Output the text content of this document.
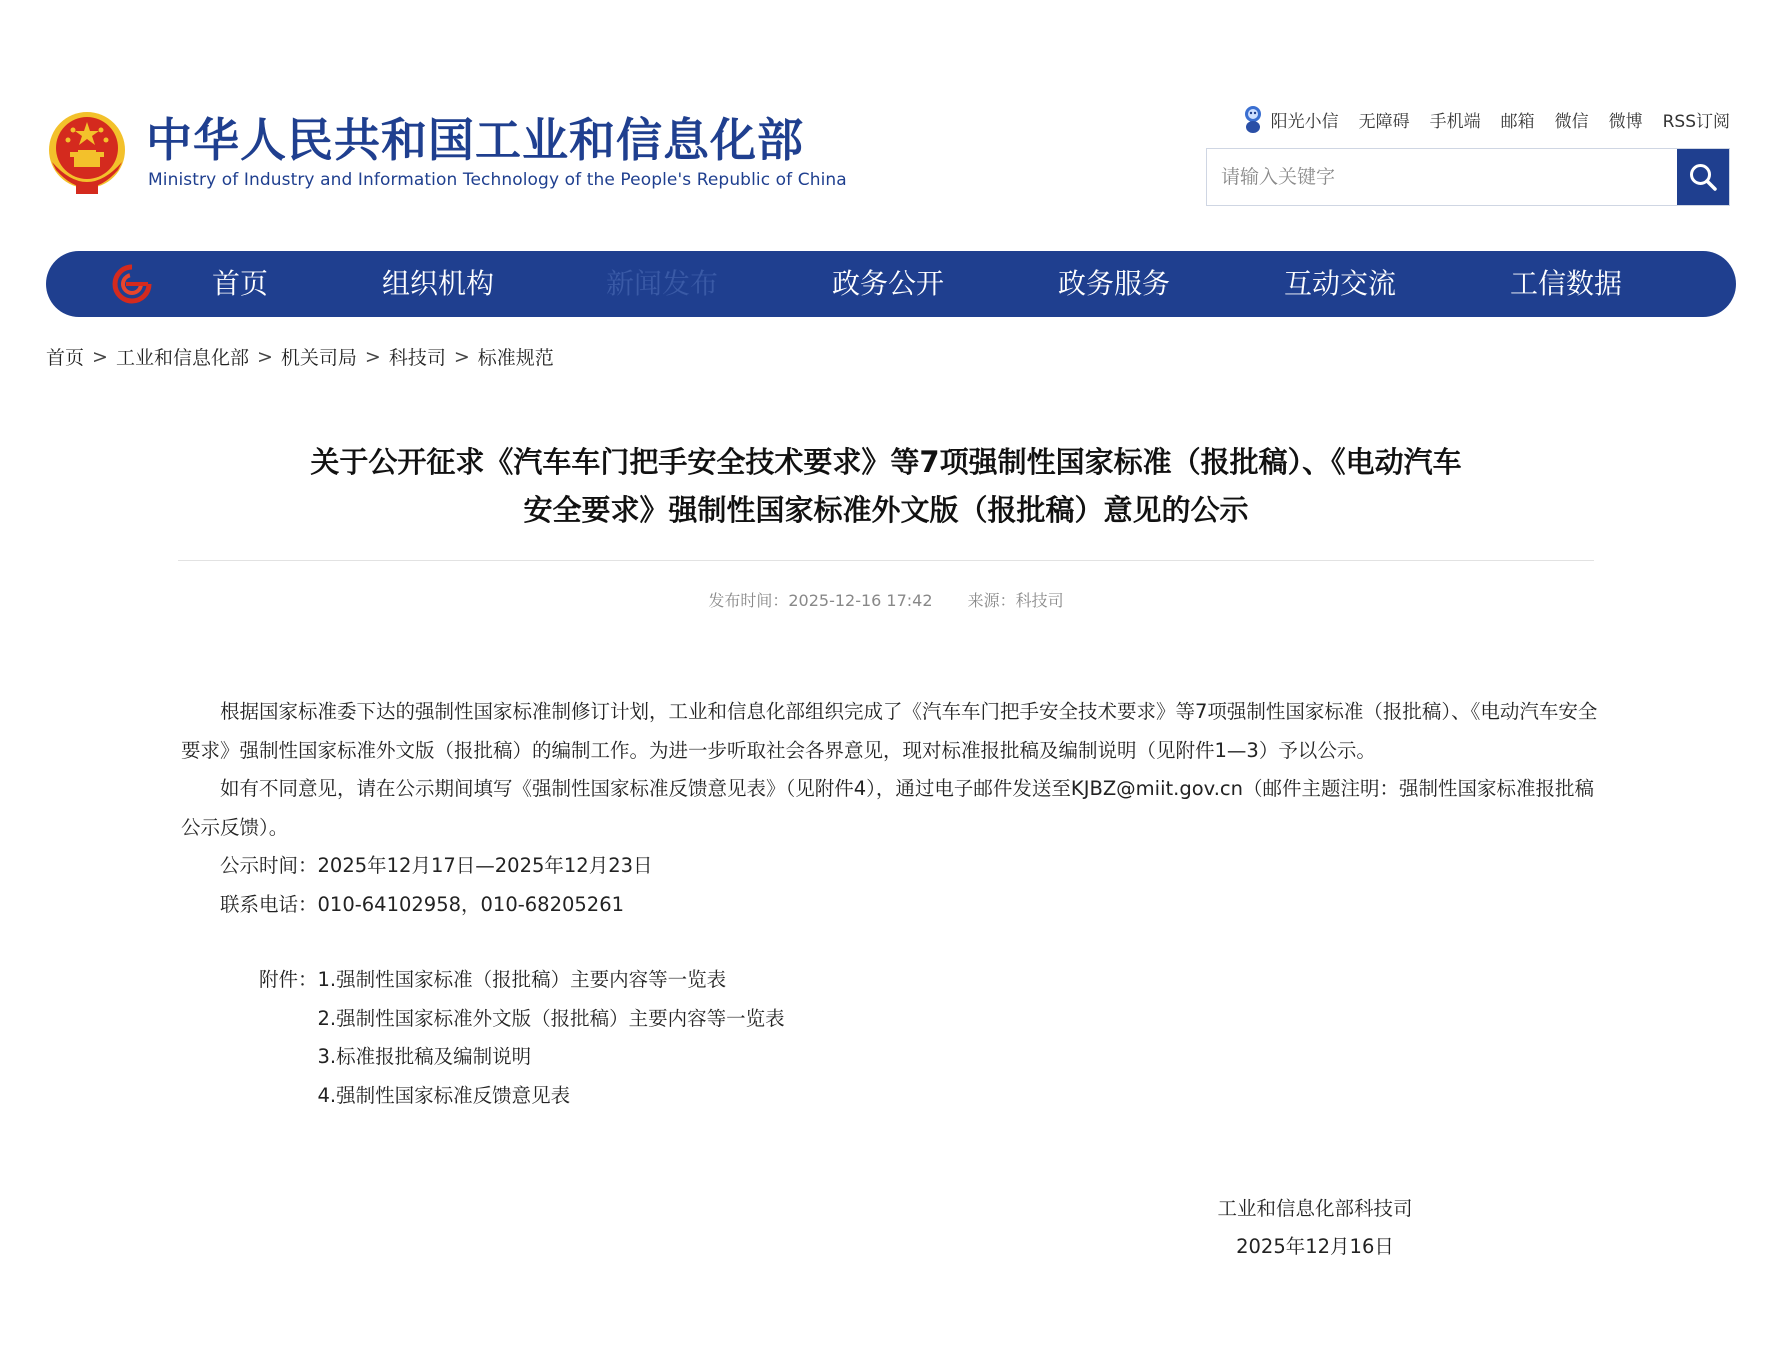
中华人民共和国工业和信息化部
Ministry of Industry and Information Technology of the People's Republic of China
阳光小信 无障碍 手机端 邮箱 微信 微博 RSS订阅
请输入关键字
首页	组织机构	新闻发布	政务公开	政务服务	互动交流	工信数据
首页 > 工业和信息化部 > 机关司局 > 科技司 > 标准规范
关于公开征求《汽车车门把手安全技术要求》等7项强制性国家标准（报批稿）、《电动汽车
安全要求》强制性国家标准外文版（报批稿）意见的公示
发布时间：2025-12-16 17:42 来源：科技司

根据国家标准委下达的强制性国家标准制修订计划，工业和信息化部组织完成了《汽车车门把手安全技术要求》等7项强制性国家标准（报批稿）、《电动汽车安全要求》强制性国家标准外文版（报批稿）的编制工作。为进一步听取社会各界意见，现对标准报批稿及编制说明（见附件1—3）予以公示。

如有不同意见，请在公示期间填写《强制性国家标准反馈意见表》（见附件4），通过电子邮件发送至KJBZ@miit.gov.cn（邮件主题注明：强制性国家标准报批稿公示反馈）。

公示时间：2025年12月17日—2025年12月23日

联系电话：010-64102958，010-68205261

附件：1.强制性国家标准（报批稿）主要内容等一览表

2.强制性国家标准外文版（报批稿）主要内容等一览表

3.标准报批稿及编制说明

4.强制性国家标准反馈意见表

工业和信息化部科技司
2025年12月16日
